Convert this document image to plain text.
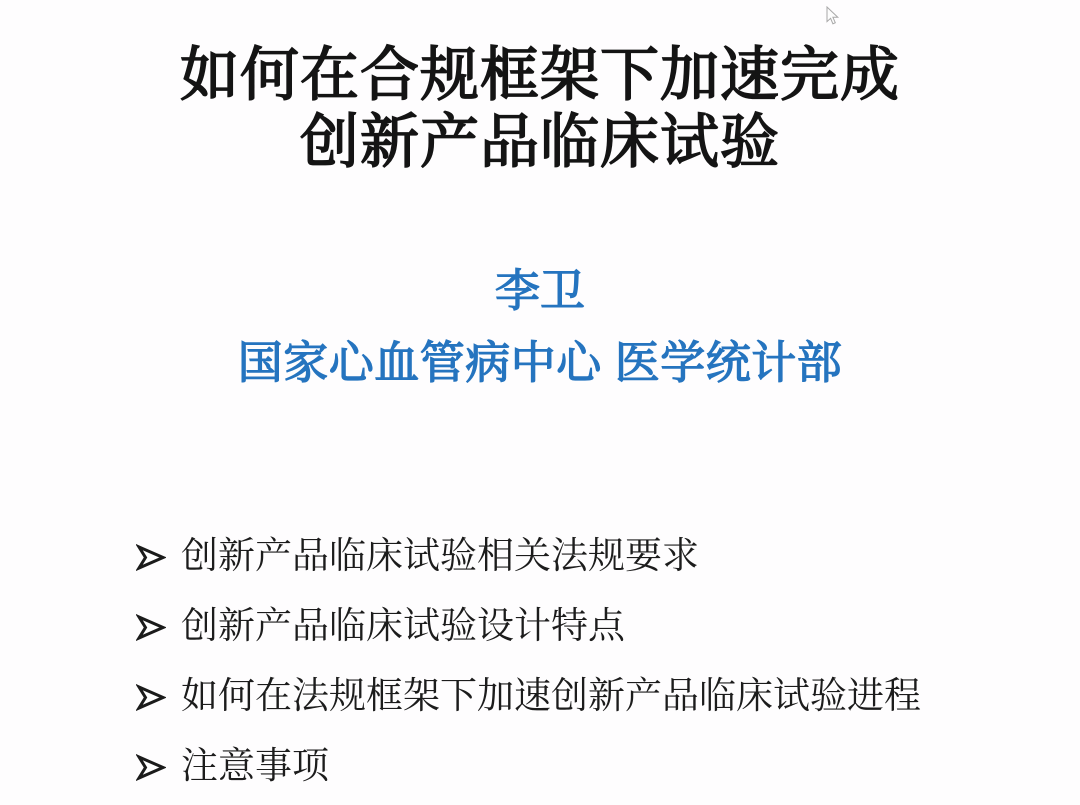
如何在合规框架下加速完成
创新产品临床试验
李卫
国家心血管病中心 医学统计部
创新产品临床试验相关法规要求
创新产品临床试验设计特点
如何在法规框架下加速创新产品临床试验进程
注意事项
